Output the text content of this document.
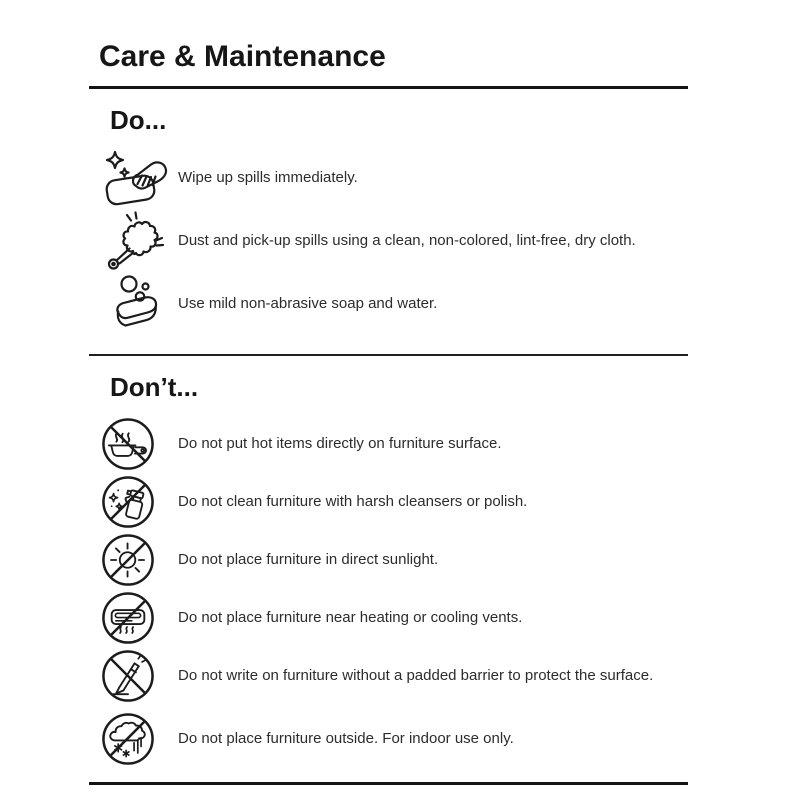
Care & Maintenance
Do...
Wipe up spills immediately.
Dust and pick-up spills using a clean, non-colored, lint-free, dry cloth.
Use mild non-abrasive soap and water.
Don’t...
Do not put hot items directly on furniture surface.
Do not clean furniture with harsh cleansers or polish.
Do not place furniture in direct sunlight.
Do not place furniture near heating or cooling vents.
Do not write on furniture without a padded barrier to protect the surface.
Do not place furniture outside. For indoor use only.
